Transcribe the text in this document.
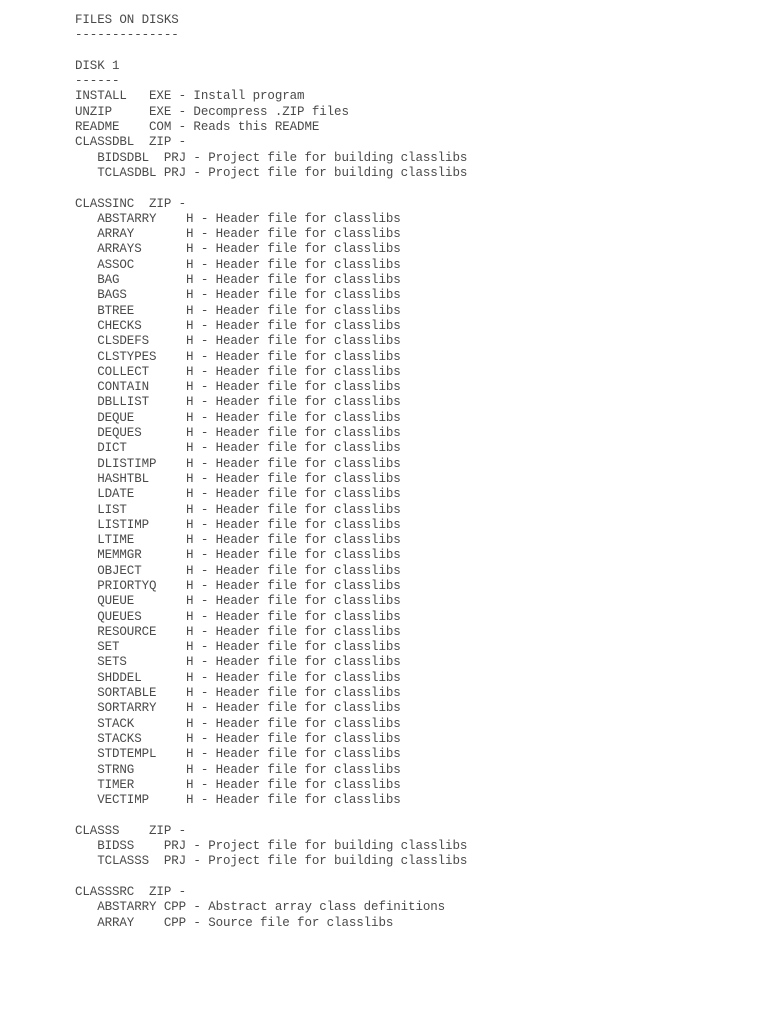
FILES ON DISKS
--------------
DISK 1
------
INSTALL   EXE - Install program
UNZIP     EXE - Decompress .ZIP files
README    COM - Reads this README
CLASSDBL  ZIP -
BIDSDBL  PRJ - Project file for building classlibs
TCLASDBL PRJ - Project file for building classlibs
CLASSINC  ZIP -
ABSTARRY    H - Header file for classlibs
ARRAY       H - Header file for classlibs
ARRAYS      H - Header file for classlibs
ASSOC       H - Header file for classlibs
BAG         H - Header file for classlibs
BAGS        H - Header file for classlibs
BTREE       H - Header file for classlibs
CHECKS      H - Header file for classlibs
CLSDEFS     H - Header file for classlibs
CLSTYPES    H - Header file for classlibs
COLLECT     H - Header file for classlibs
CONTAIN     H - Header file for classlibs
DBLLIST     H - Header file for classlibs
DEQUE       H - Header file for classlibs
DEQUES      H - Header file for classlibs
DICT        H - Header file for classlibs
DLISTIMP    H - Header file for classlibs
HASHTBL     H - Header file for classlibs
LDATE       H - Header file for classlibs
LIST        H - Header file for classlibs
LISTIMP     H - Header file for classlibs
LTIME       H - Header file for classlibs
MEMMGR      H - Header file for classlibs
OBJECT      H - Header file for classlibs
PRIORTYQ    H - Header file for classlibs
QUEUE       H - Header file for classlibs
QUEUES      H - Header file for classlibs
RESOURCE    H - Header file for classlibs
SET         H - Header file for classlibs
SETS        H - Header file for classlibs
SHDDEL      H - Header file for classlibs
SORTABLE    H - Header file for classlibs
SORTARRY    H - Header file for classlibs
STACK       H - Header file for classlibs
STACKS      H - Header file for classlibs
STDTEMPL    H - Header file for classlibs
STRNG       H - Header file for classlibs
TIMER       H - Header file for classlibs
VECTIMP     H - Header file for classlibs
CLASSS    ZIP -
BIDSS    PRJ - Project file for building classlibs
TCLASSS  PRJ - Project file for building classlibs
CLASSSRC  ZIP -
ABSTARRY CPP - Abstract array class definitions
ARRAY    CPP - Source file for classlibs
